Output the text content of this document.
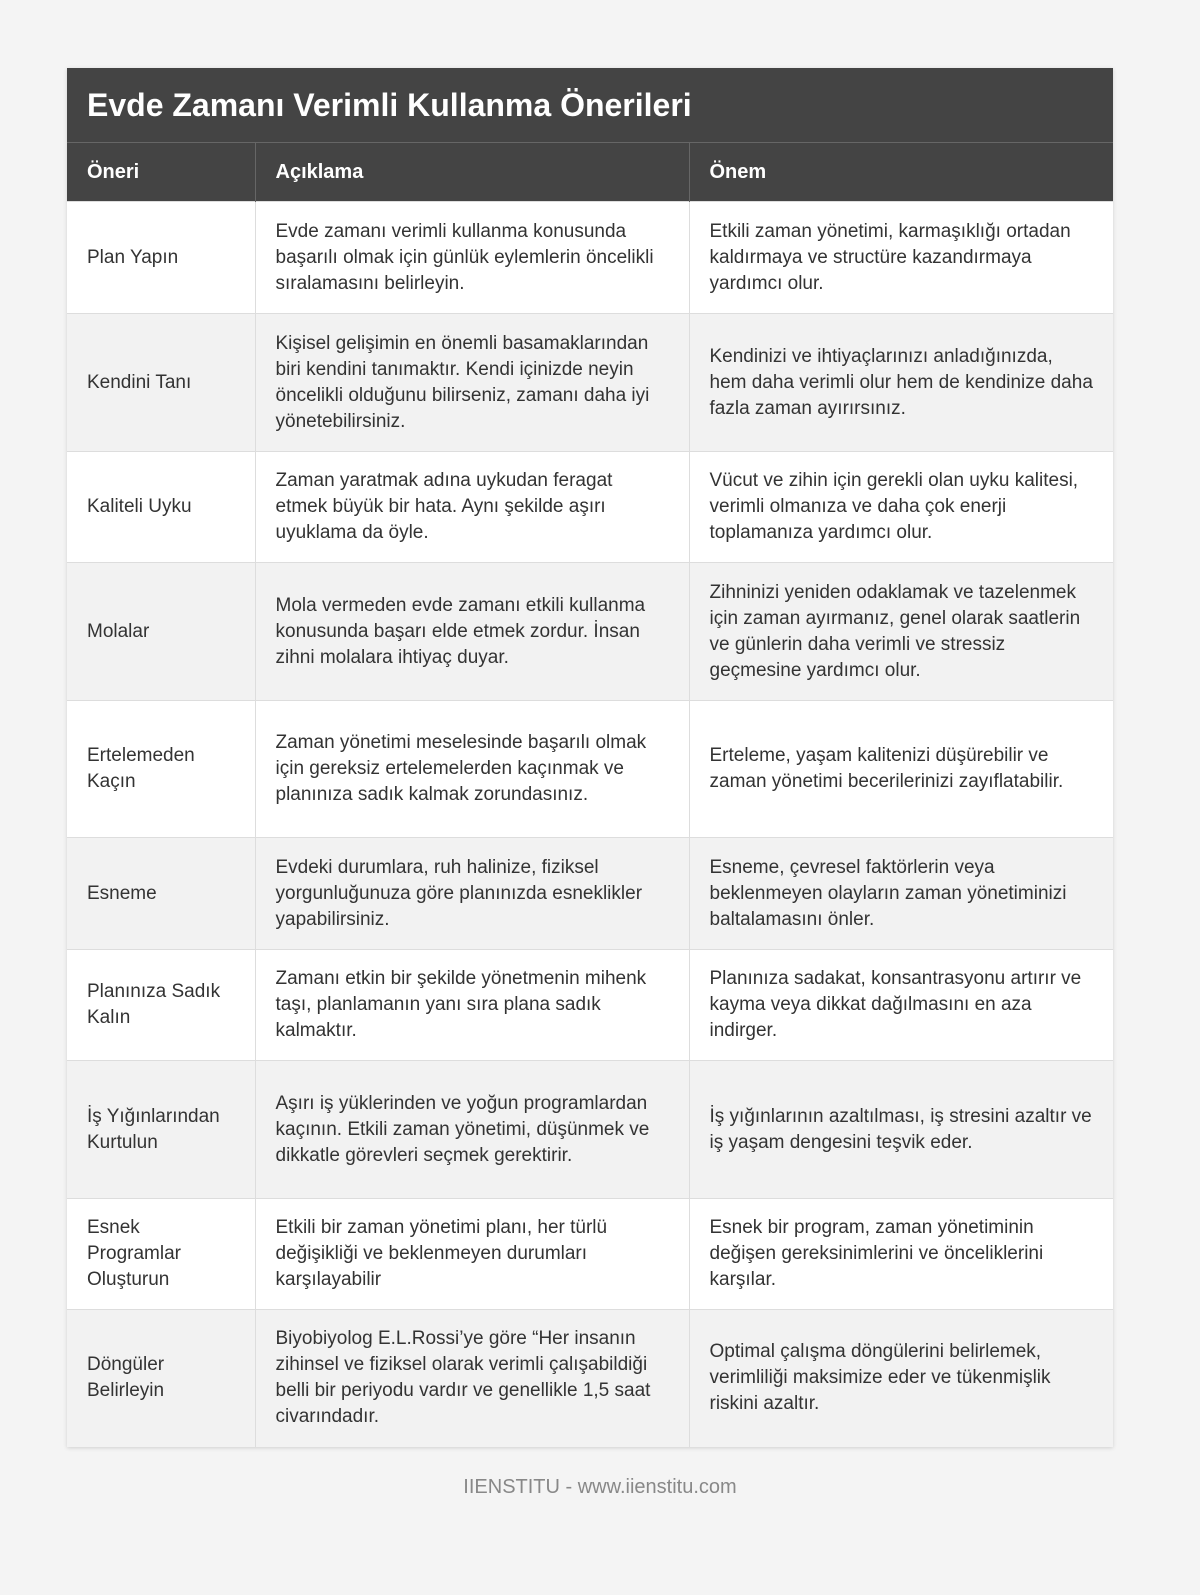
Evde Zamanı Verimli Kullanma Önerileri
Öneri	Açıklama	Önem
Plan Yapın	Evde zamanı verimli kullanma konusunda başarılı olmak için günlük eylemlerin öncelikli sıralamasını belirleyin.	Etkili zaman yönetimi, karmaşıklığı ortadan kaldırmaya ve structüre kazandırmaya yardımcı olur.
Kendini Tanı	Kişisel gelişimin en önemli basamaklarından biri kendini tanımaktır. Kendi içinizde neyin öncelikli olduğunu bilirseniz, zamanı daha iyi yönetebilirsiniz.	Kendinizi ve ihtiyaçlarınızı anladığınızda, hem daha verimli olur hem de kendinize daha fazla zaman ayırırsınız.
Kaliteli Uyku	Zaman yaratmak adına uykudan feragat etmek büyük bir hata. Aynı şekilde aşırı uyuklama da öyle.	Vücut ve zihin için gerekli olan uyku kalitesi, verimli olmanıza ve daha çok enerji toplamanıza yardımcı olur.
Molalar	Mola vermeden evde zamanı etkili kullanma konusunda başarı elde etmek zordur. İnsan zihni molalara ihtiyaç duyar.	Zihninizi yeniden odaklamak ve tazelenmek için zaman ayırmanız, genel olarak saatlerin ve günlerin daha verimli ve stressiz geçmesine yardımcı olur.
Ertelemeden Kaçın	Zaman yönetimi meselesinde başarılı olmak için gereksiz ertelemelerden kaçınmak ve planınıza sadık kalmak zorundasınız.	Erteleme, yaşam kalitenizi düşürebilir ve zaman yönetimi becerilerinizi zayıflatabilir.
Esneme	Evdeki durumlara, ruh halinize, fiziksel yorgunluğunuza göre planınızda esneklikler yapabilirsiniz.	Esneme, çevresel faktörlerin veya beklenmeyen olayların zaman yönetiminizi baltalamasını önler.
Planınıza Sadık Kalın	Zamanı etkin bir şekilde yönetmenin mihenk taşı, planlamanın yanı sıra plana sadık kalmaktır.	Planınıza sadakat, konsantrasyonu artırır ve kayma veya dikkat dağılmasını en aza indirger.
İş Yığınlarından Kurtulun	Aşırı iş yüklerinden ve yoğun programlardan kaçının. Etkili zaman yönetimi, düşünmek ve dikkatle görevleri seçmek gerektirir.	İş yığınlarının azaltılması, iş stresini azaltır ve iş yaşam dengesini teşvik eder.
Esnek Programlar Oluşturun	Etkili bir zaman yönetimi planı, her türlü değişikliği ve beklenmeyen durumları karşılayabilir	Esnek bir program, zaman yönetiminin değişen gereksinimlerini ve önceliklerini karşılar.
Döngüler Belirleyin	Biyobiyolog E.L.Rossi’ye göre “Her insanın zihinsel ve fiziksel olarak verimli çalışabildiği belli bir periyodu vardır ve genellikle 1,5 saat civarındadır.	Optimal çalışma döngülerini belirlemek, verimliliği maksimize eder ve tükenmişlik riskini azaltır.
IIENSTITU - www.iienstitu.com
